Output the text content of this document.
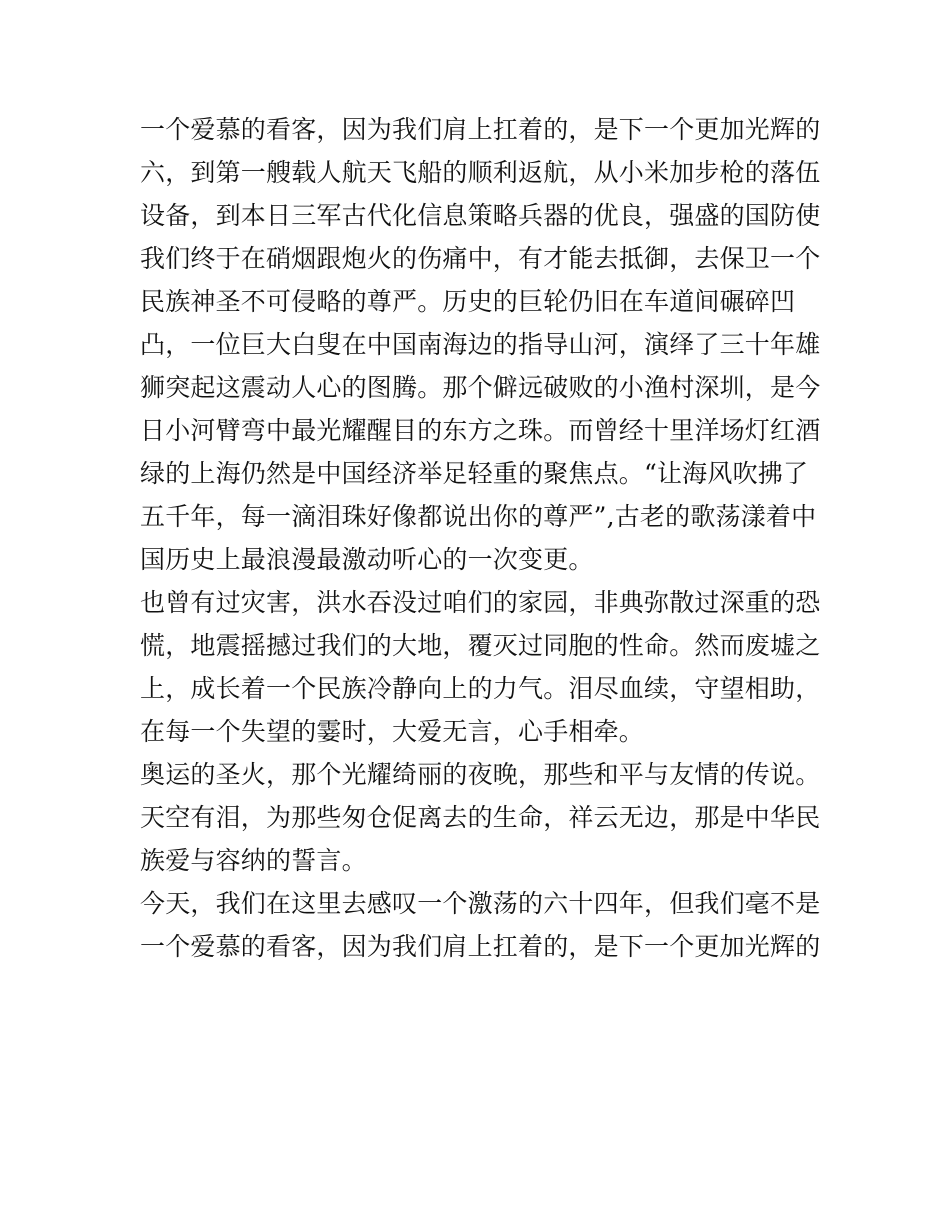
一个爱慕的看客，因为我们肩上扛着的，是下一个更加光辉的
六，到第一艘载人航天飞船的顺利返航，从小米加步枪的落伍
设备，到本日三军古代化信息策略兵器的优良，强盛的国防使
我们终于在硝烟跟炮火的伤痛中，有才能去抵御，去保卫一个
民族神圣不可侵略的尊严。历史的巨轮仍旧在车道间碾碎凹
凸，一位巨大白叟在中国南海边的指导山河，演绎了三十年雄
狮突起这震动人心的图腾。那个僻远破败的小渔村深圳，是今
日小河臂弯中最光耀醒目的东方之珠。而曾经十里洋场灯红酒
绿的上海仍然是中国经济举足轻重的聚焦点。“让海风吹拂了
五千年，每一滴泪珠好像都说出你的尊严”,古老的歌荡漾着中
国历史上最浪漫最激动听心的一次变更。
也曾有过灾害，洪水吞没过咱们的家园，非典弥散过深重的恐
慌，地震摇撼过我们的大地，覆灭过同胞的性命。然而废墟之
上，成长着一个民族冷静向上的力气。泪尽血续，守望相助，
在每一个失望的霎时，大爱无言，心手相牵。
奥运的圣火，那个光耀绮丽的夜晚，那些和平与友情的传说。
天空有泪，为那些匆仓促离去的生命，祥云无边，那是中华民
族爱与容纳的誓言。
今天，我们在这里去感叹一个激荡的六十四年，但我们毫不是
一个爱慕的看客，因为我们肩上扛着的，是下一个更加光辉的
